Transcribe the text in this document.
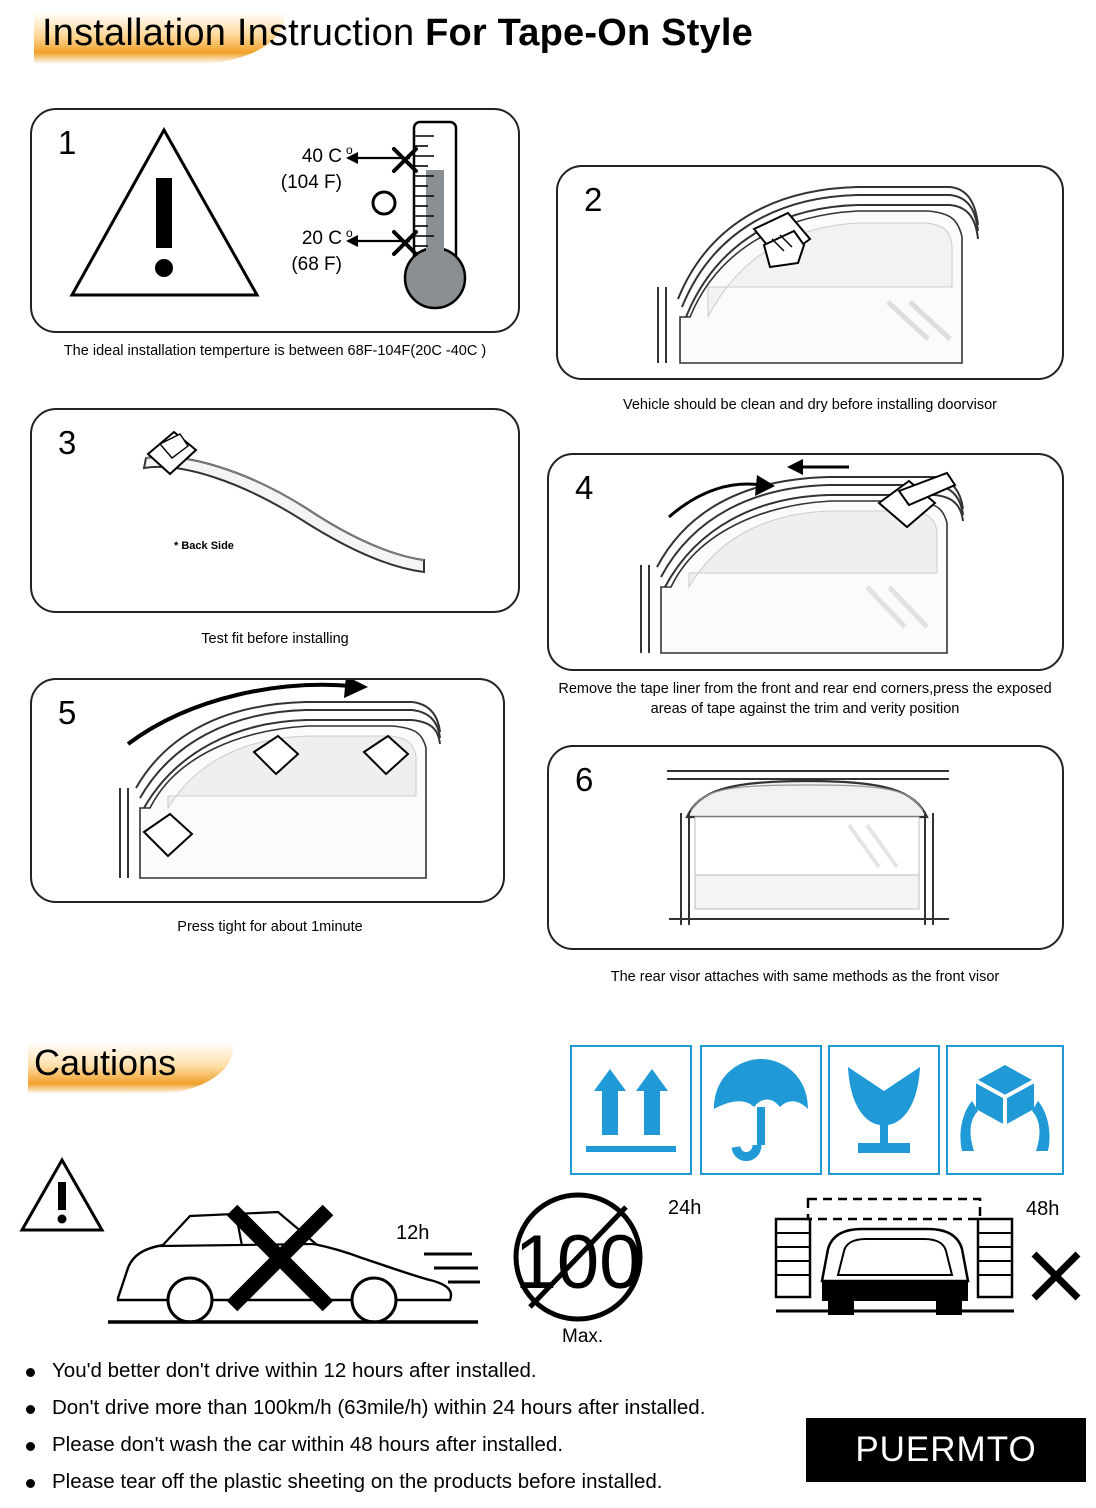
Installation Instruction For Tape-On Style
1	o
o
40 C
(104 F)
20 C
(68 F)
The ideal installation temperture is between 68F-104F(20C -40C )
2
Vehicle should be clean and dry before installing doorvisor
3
* Back Side
Test fit before installing
4
Remove the tape liner from the front and rear end corners,press the exposed areas of tape against the trim and verity position
5
Press tight for about 1minute
6
The rear visor attaches with same methods as the front visor
Cautions
12h 100
24h
Max.
48h
You'd better don't drive within 12 hours after installed.
Don't drive more than 100km/h (63mile/h) within 24 hours after installed.
Please don't wash the car within 48 hours after installed.
Please tear off the plastic sheeting on the products before installed.
PUERMTO
